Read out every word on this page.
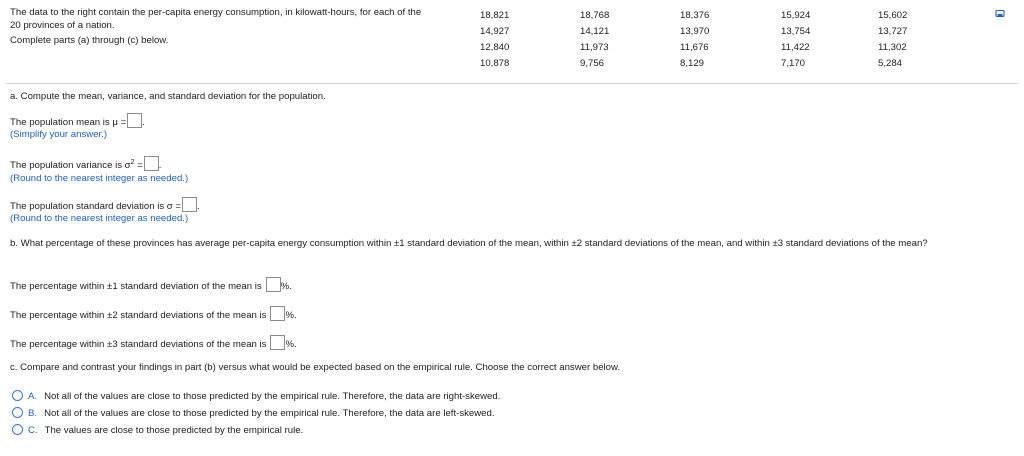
The data to the right contain the per-capita energy consumption, in kilowatt-hours, for each of the
20 provinces of a nation.
Complete parts (a) through (c) below.
18,821
14,927
12,840
10,878
18,768
14,121
11,973
9,756
18,376
13,970
11,676
8,129
15,924
13,754
11,422
7,170
15,602
13,727
11,302
5,284
a. Compute the mean, variance, and standard deviation for the population.
The population mean is μ = .
(Simplify your answer.)
The population variance is $\sigma^2$ = .
(Round to the nearest integer as needed.)
The population standard deviation is σ = .
(Round to the nearest integer as needed.)
b. What percentage of these provinces has average per-capita energy consumption within ±1 standard deviation of the mean, within ±2 standard deviations of the mean, and within ±3 standard deviations of the mean?
The percentage within ±1 standard deviation of the mean is %.
The percentage within ±2 standard deviations of the mean is %.
The percentage within ±3 standard deviations of the mean is %.
c. Compare and contrast your findings in part (b) versus what would be expected based on the empirical rule. Choose the correct answer below.
A. Not all of the values are close to those predicted by the empirical rule. Therefore, the data are right-skewed.
B. Not all of the values are close to those predicted by the empirical rule. Therefore, the data are left-skewed.
C. The values are close to those predicted by the empirical rule.
